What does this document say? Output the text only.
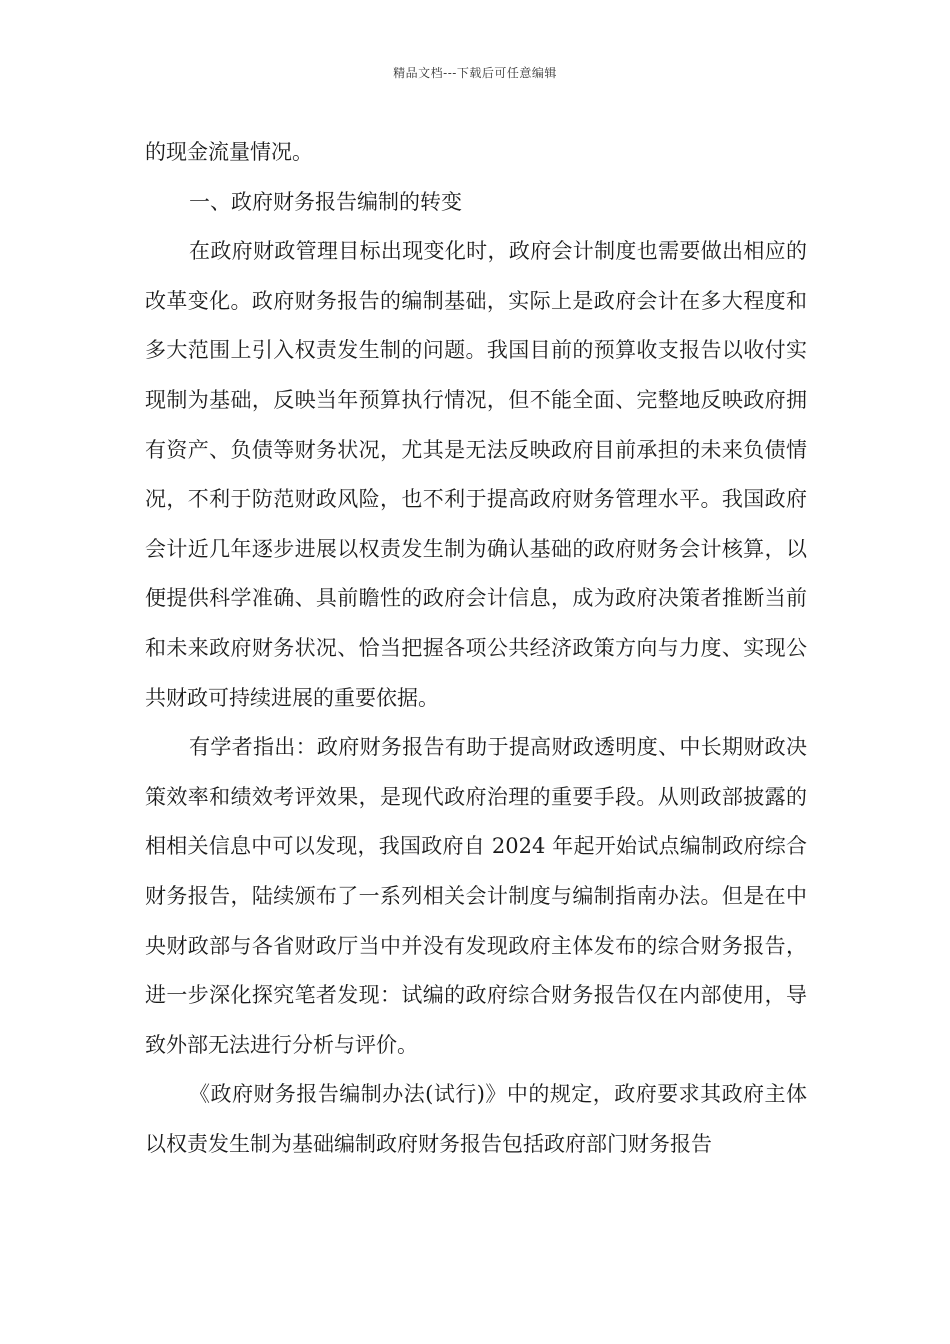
精品文档---下载后可任意编辑

的现金流量情况。

一、政府财务报告编制的转变

在政府财政管理目标出现变化时，政府会计制度也需要做出相应的改革变化。政府财务报告的编制基础，实际上是政府会计在多大程度和多大范围上引入权责发生制的问题。我国目前的预算收支报告以收付实现制为基础，反映当年预算执行情况，但不能全面、完整地反映政府拥有资产、负债等财务状况，尤其是无法反映政府目前承担的未来负债情况，不利于防范财政风险，也不利于提高政府财务管理水平。我国政府会计近几年逐步进展以权责发生制为确认基础的政府财务会计核算，以便提供科学准确、具前瞻性的政府会计信息，成为政府决策者推断当前和未来政府财务状况、恰当把握各项公共经济政策方向与力度、实现公共财政可持续进展的重要依据。

有学者指出：政府财务报告有助于提高财政透明度、中长期财政决策效率和绩效考评效果，是现代政府治理的重要手段。从则政部披露的相相关信息中可以发现，我国政府自 2024 年起开始试点编制政府综合财务报告，陆续颁布了一系列相关会计制度与编制指南办法。但是在中央财政部与各省财政厅当中并没有发现政府主体发布的综合财务报告，进一步深化探究笔者发现：试编的政府综合财务报告仅在内部使用，导致外部无法进行分析与评价。

《政府财务报告编制办法(试行)》中的规定，政府要求其政府主体以权责发生制为基础编制政府财务报告包括政府部门财务报告
